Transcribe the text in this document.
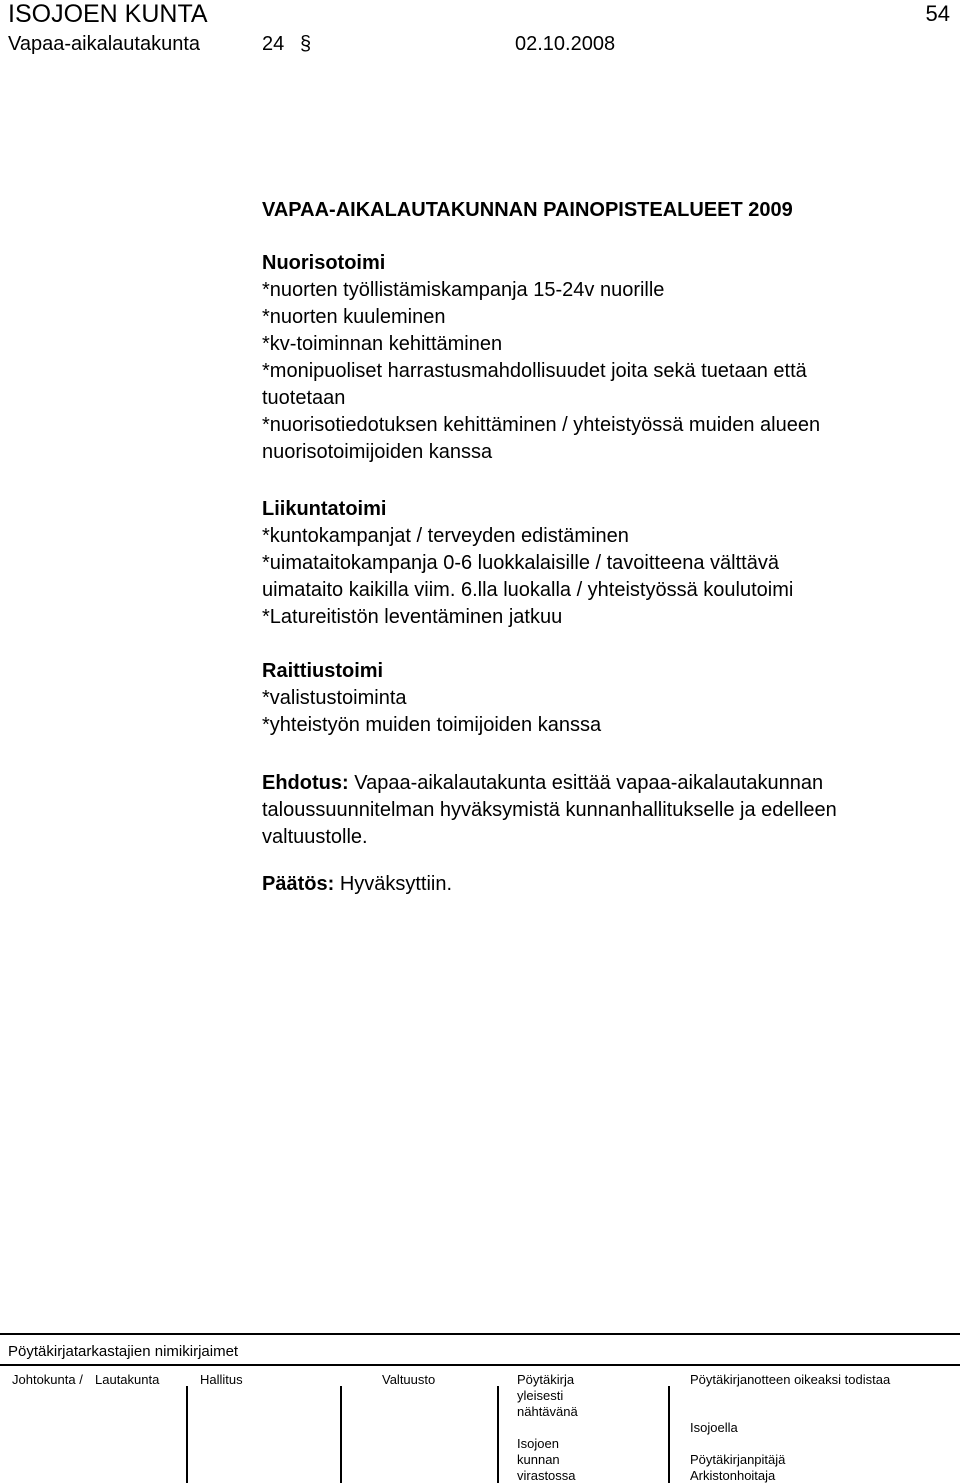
ISOJOEN KUNTA
Vapaa-aikalautakunta	24 §	02.10.2008
54
VAPAA-AIKALAUTAKUNNAN PAINOPISTEALUEET 2009
Nuorisotoimi
*nuorten työllistämiskampanja 15-24v nuorille
*nuorten kuuleminen
*kv-toiminnan kehittäminen
*monipuoliset harrastusmahdollisuudet joita sekä tuetaan että
tuotetaan
*nuorisotiedotuksen kehittäminen / yhteistyössä muiden alueen
nuorisotoimijoiden kanssa
Liikuntatoimi
*kuntokampanjat / terveyden edistäminen
*uimataitokampanja 0-6 luokkalaisille / tavoitteena välttävä
uimataito kaikilla viim. 6.lla luokalla / yhteistyössä koulutoimi
*Latureitistön leventäminen jatkuu
Raittiustoimi
*valistustoiminta
*yhteistyön muiden toimijoiden kanssa
Ehdotus: Vapaa-aikalautakunta esittää vapaa-aikalautakunnan
taloussuunnitelman hyväksymistä kunnanhallitukselle ja edelleen
valtuustolle.
Päätös: Hyväksyttiin.
Pöytäkirjatarkastajien nimikirjaimet
Johtokunta / Lautakunta	Hallitus	Valtuusto	Pöytäkirja
yleisesti
nähtävänä
Isojoen
kunnan
virastossa
Pöytäkirjanotteen oikeaksi todistaa
Isojoella
Pöytäkirjanpitäjä
Arkistonhoitaja
